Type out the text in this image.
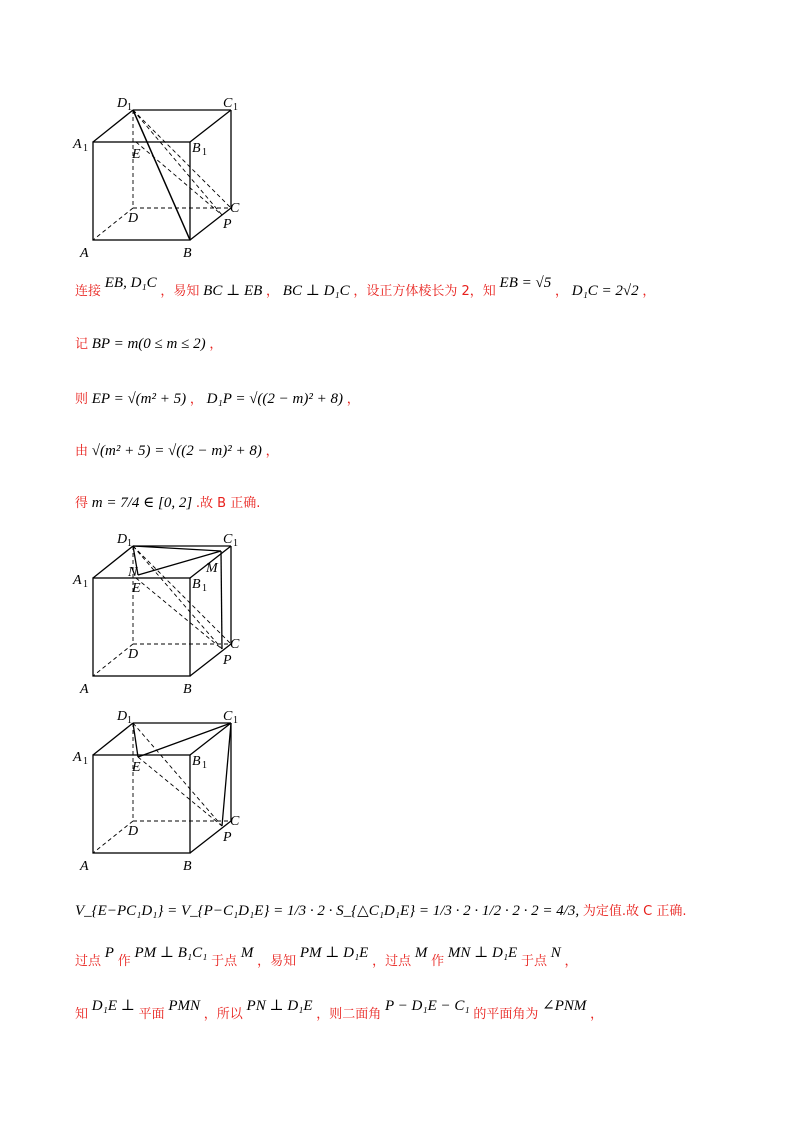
D 1	C 1
A 1	B 1
E
C
P
D
A	B
连接 EB, D₁C ，易知 BC ⊥ EB ， BC ⊥ D₁C ，设正方体棱长为 2，知 EB = √5 ， D₁C = 2√2 ，
记 BP = m(0 ≤ m ≤ 2) ，
则 EP = √(m² + 5) ， D₁P = √((2 − m)² + 8) ，
由 √(m² + 5) = √((2 − m)² + 8) ，
得 m = 7/4 ∈ [0, 2] .故 B 正确.
D 1	C 1
A 1	B 1
N	M
E
C
P
D
A	B
D 1	C 1
A 1	B 1
E
C
P
D
A	B
V_{E−PC₁D₁} = V_{P−C₁D₁E} = 1/3 · 2 · S_{△C₁D₁E} = 1/3 · 2 · 1/2 · 2 · 2 = 4/3, 为定值.故 C 正确.
过点 P 作 PM ⊥ B₁C₁ 于点 M ，易知 PM ⊥ D₁E ，过点 M 作 MN ⊥ D₁E 于点 N ，
知 D₁E ⊥ 平面 PMN ，所以 PN ⊥ D₁E ，则二面角 P − D₁E − C₁ 的平面角为 ∠PNM ，
